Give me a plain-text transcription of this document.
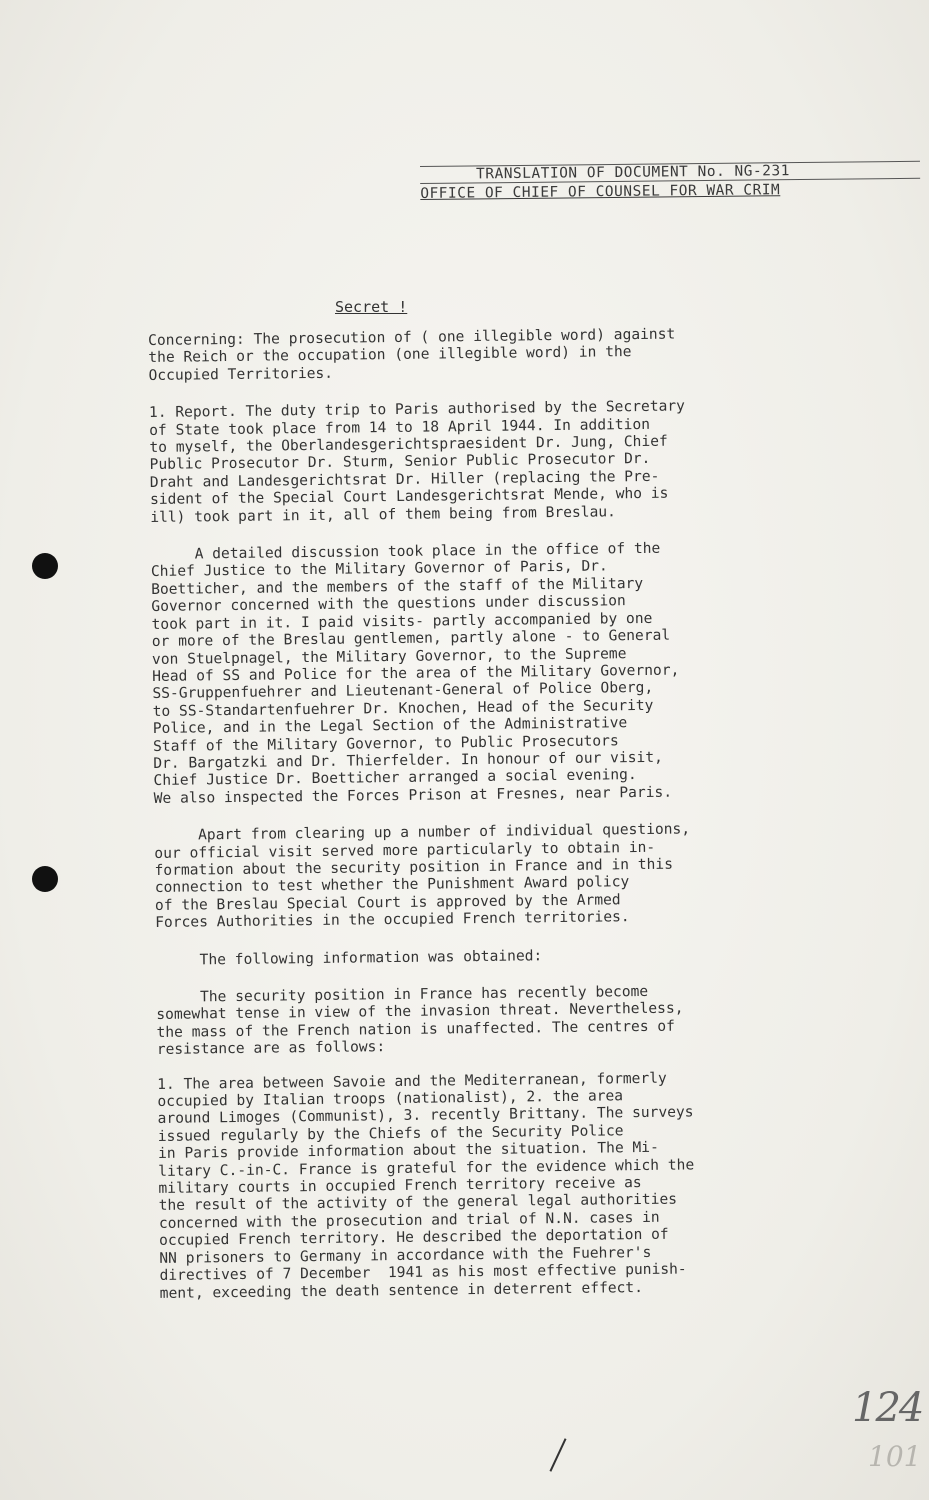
TRANSLATION OF DOCUMENT No. NG-231
OFFICE OF CHIEF OF COUNSEL FOR WAR CRIM
Secret !

Concerning: The prosecution of ( one illegible word) against
the Reich or the occupation (one illegible word) in the
Occupied Territories.

1. Report. The duty trip to Paris authorised by the Secretary
of State took place from 14 to 18 April 1944. In addition
to myself, the Oberlandesgerichtspraesident Dr. Jung, Chief
Public Prosecutor Dr. Sturm, Senior Public Prosecutor Dr.
Draht and Landesgerichtsrat Dr. Hiller (replacing the Pre-
sident of the Special Court Landesgerichtsrat Mende, who is
ill) took part in it, all of them being from Breslau.

A detailed discussion took place in the office of the
Chief Justice to the Military Governor of Paris, Dr.
Boetticher, and the members of the staff of the Military
Governor concerned with the questions under discussion
took part in it. I paid visits- partly accompanied by one
or more of the Breslau gentlemen, partly alone - to General
von Stuelpnagel, the Military Governor, to the Supreme
Head of SS and Police for the area of the Military Governor,
SS-Gruppenfuehrer and Lieutenant-General of Police Oberg,
to SS-Standartenfuehrer Dr. Knochen, Head of the Security
Police, and in the Legal Section of the Administrative
Staff of the Military Governor, to Public Prosecutors
Dr. Bargatzki and Dr. Thierfelder. In honour of our visit,
Chief Justice Dr. Boetticher arranged a social evening.
We also inspected the Forces Prison at Fresnes, near Paris.

Apart from clearing up a number of individual questions,
our official visit served more particularly to obtain in-
formation about the security position in France and in this
connection to test whether the Punishment Award policy
of the Breslau Special Court is approved by the Armed
Forces Authorities in the occupied French territories.

The following information was obtained:

The security position in France has recently become
somewhat tense in view of the invasion threat. Nevertheless,
the mass of the French nation is unaffected. The centres of
resistance are as follows:

1. The area between Savoie and the Mediterranean, formerly
occupied by Italian troops (nationalist), 2. the area
around Limoges (Communist), 3. recently Brittany. The surveys
issued regularly by the Chiefs of the Security Police
in Paris provide information about the situation. The Mi-
litary C.-in-C. France is grateful for the evidence which the
military courts in occupied French territory receive as
the result of the activity of the general legal authorities
concerned with the prosecution and trial of N.N. cases in
occupied French territory. He described the deportation of
NN prisoners to Germany in accordance with the Fuehrer's
directives of 7 December  1941 as his most effective punish-
ment, exceeding the death sentence in deterrent effect.

124
101
